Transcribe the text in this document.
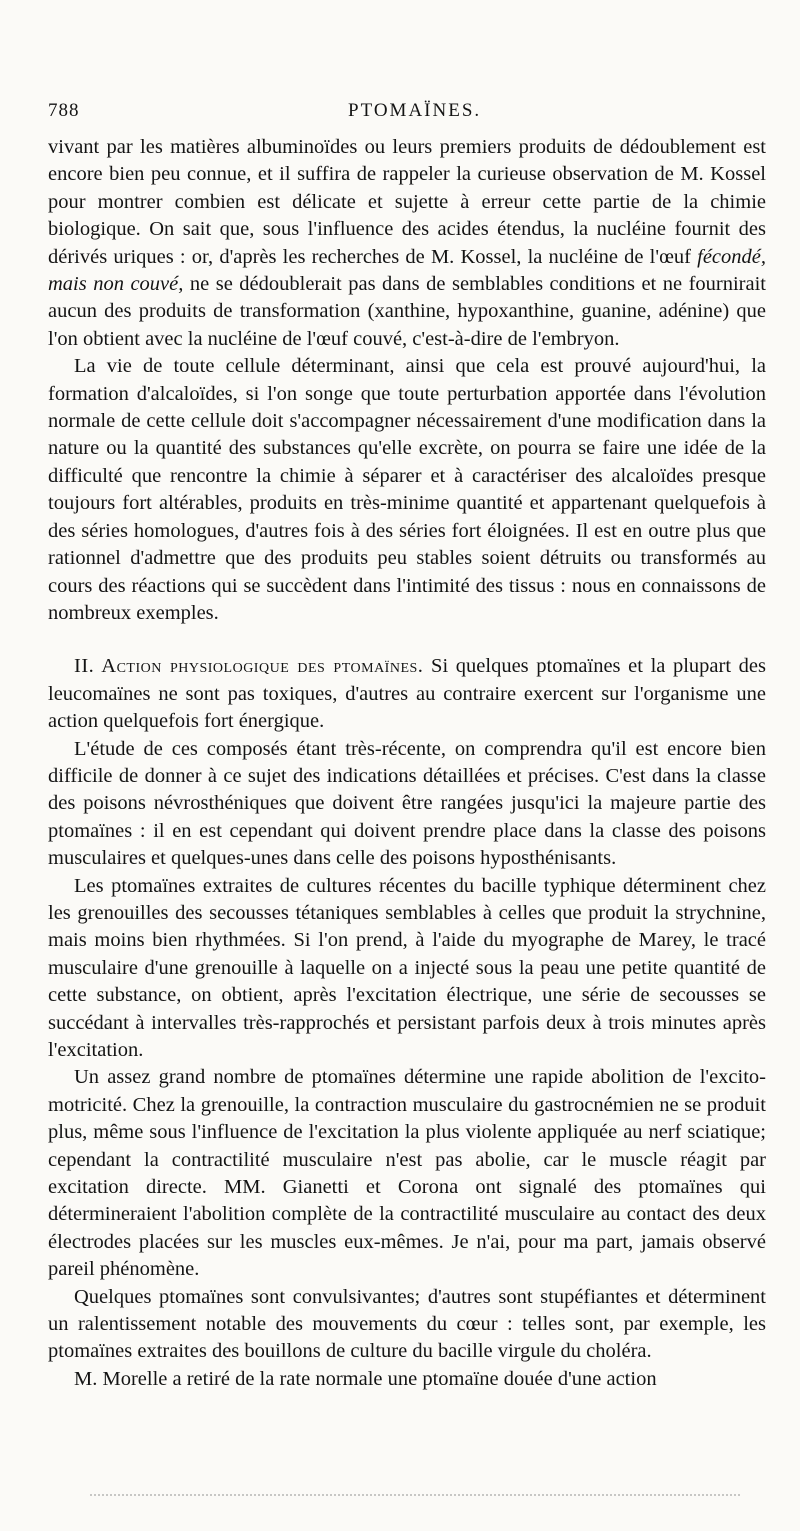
788	PTOMAÏNES.

vivant par les matières albuminoïdes ou leurs premiers produits de dédoublement est encore bien peu connue, et il suffira de rappeler la curieuse observation de M. Kossel pour montrer combien est délicate et sujette à erreur cette partie de la chimie biologique. On sait que, sous l'influence des acides étendus, la nucléine fournit des dérivés uriques : or, d'après les recherches de M. Kossel, la nucléine de l'œuf fécondé, mais non couvé, ne se dédoublerait pas dans de semblables conditions et ne fournirait aucun des produits de transformation (xanthine, hypoxanthine, guanine, adénine) que l'on obtient avec la nucléine de l'œuf couvé, c'est-à-dire de l'embryon.

La vie de toute cellule déterminant, ainsi que cela est prouvé aujourd'hui, la formation d'alcaloïdes, si l'on songe que toute perturbation apportée dans l'évolution normale de cette cellule doit s'accompagner nécessairement d'une modification dans la nature ou la quantité des substances qu'elle excrète, on pourra se faire une idée de la difficulté que rencontre la chimie à séparer et à caractériser des alcaloïdes presque toujours fort altérables, produits en très-minime quantité et appartenant quelquefois à des séries homologues, d'autres fois à des séries fort éloignées. Il est en outre plus que rationnel d'admettre que des produits peu stables soient détruits ou transformés au cours des réactions qui se succèdent dans l'intimité des tissus : nous en connaissons de nombreux exemples.

II. Action physiologique des ptomaïnes. Si quelques ptomaïnes et la plupart des leucomaïnes ne sont pas toxiques, d'autres au contraire exercent sur l'organisme une action quelquefois fort énergique.

L'étude de ces composés étant très-récente, on comprendra qu'il est encore bien difficile de donner à ce sujet des indications détaillées et précises. C'est dans la classe des poisons névrosthéniques que doivent être rangées jusqu'ici la majeure partie des ptomaïnes : il en est cependant qui doivent prendre place dans la classe des poisons musculaires et quelques-unes dans celle des poisons hyposthénisants.

Les ptomaïnes extraites de cultures récentes du bacille typhique déterminent chez les grenouilles des secousses tétaniques semblables à celles que produit la strychnine, mais moins bien rhythmées. Si l'on prend, à l'aide du myographe de Marey, le tracé musculaire d'une grenouille à laquelle on a injecté sous la peau une petite quantité de cette substance, on obtient, après l'excitation électrique, une série de secousses se succédant à intervalles très-rapprochés et persistant parfois deux à trois minutes après l'excitation.

Un assez grand nombre de ptomaïnes détermine une rapide abolition de l'excito-motricité. Chez la grenouille, la contraction musculaire du gastrocnémien ne se produit plus, même sous l'influence de l'excitation la plus violente appliquée au nerf sciatique; cependant la contractilité musculaire n'est pas abolie, car le muscle réagit par excitation directe. MM. Gianetti et Corona ont signalé des ptomaïnes qui détermineraient l'abolition complète de la contractilité musculaire au contact des deux électrodes placées sur les muscles eux-mêmes. Je n'ai, pour ma part, jamais observé pareil phénomène.

Quelques ptomaïnes sont convulsivantes; d'autres sont stupéfiantes et déterminent un ralentissement notable des mouvements du cœur : telles sont, par exemple, les ptomaïnes extraites des bouillons de culture du bacille virgule du choléra.

M. Morelle a retiré de la rate normale une ptomaïne douée d'une action
